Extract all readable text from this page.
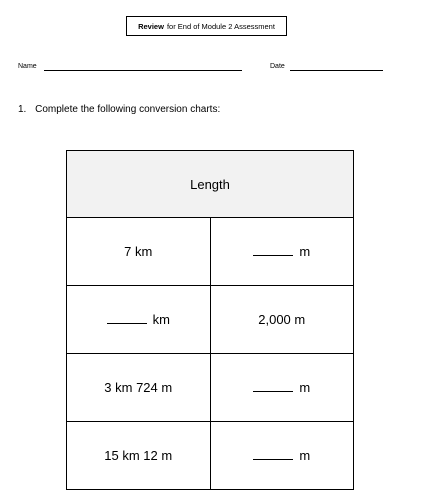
Review for End of Module 2 Assessment
Name	Date
1. Complete the following conversion charts:
Length	
7 km	m
km	2,000 m
3 km 724 m	m
15 km 12 m	m
